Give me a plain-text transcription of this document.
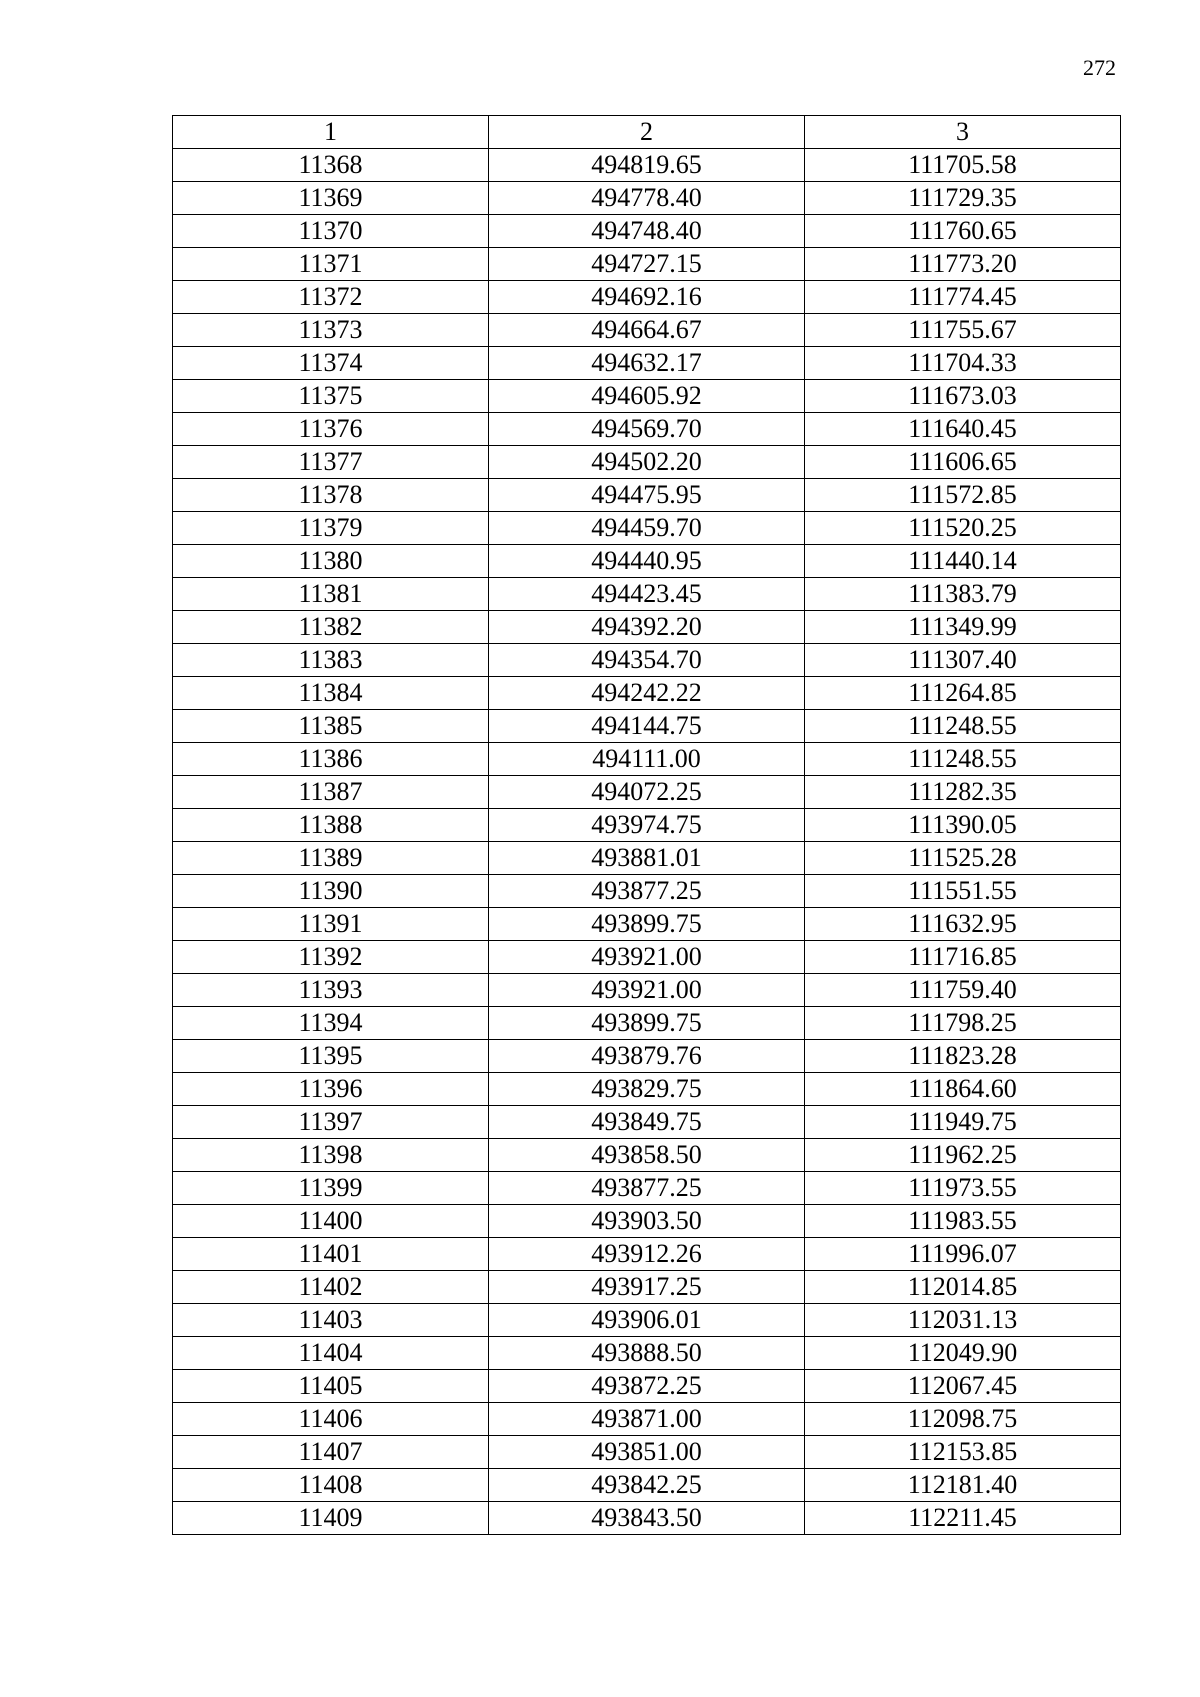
272
1	2	3
11368	494819.65	111705.58
11369	494778.40	111729.35
11370	494748.40	111760.65
11371	494727.15	111773.20
11372	494692.16	111774.45
11373	494664.67	111755.67
11374	494632.17	111704.33
11375	494605.92	111673.03
11376	494569.70	111640.45
11377	494502.20	111606.65
11378	494475.95	111572.85
11379	494459.70	111520.25
11380	494440.95	111440.14
11381	494423.45	111383.79
11382	494392.20	111349.99
11383	494354.70	111307.40
11384	494242.22	111264.85
11385	494144.75	111248.55
11386	494111.00	111248.55
11387	494072.25	111282.35
11388	493974.75	111390.05
11389	493881.01	111525.28
11390	493877.25	111551.55
11391	493899.75	111632.95
11392	493921.00	111716.85
11393	493921.00	111759.40
11394	493899.75	111798.25
11395	493879.76	111823.28
11396	493829.75	111864.60
11397	493849.75	111949.75
11398	493858.50	111962.25
11399	493877.25	111973.55
11400	493903.50	111983.55
11401	493912.26	111996.07
11402	493917.25	112014.85
11403	493906.01	112031.13
11404	493888.50	112049.90
11405	493872.25	112067.45
11406	493871.00	112098.75
11407	493851.00	112153.85
11408	493842.25	112181.40
11409	493843.50	112211.45
